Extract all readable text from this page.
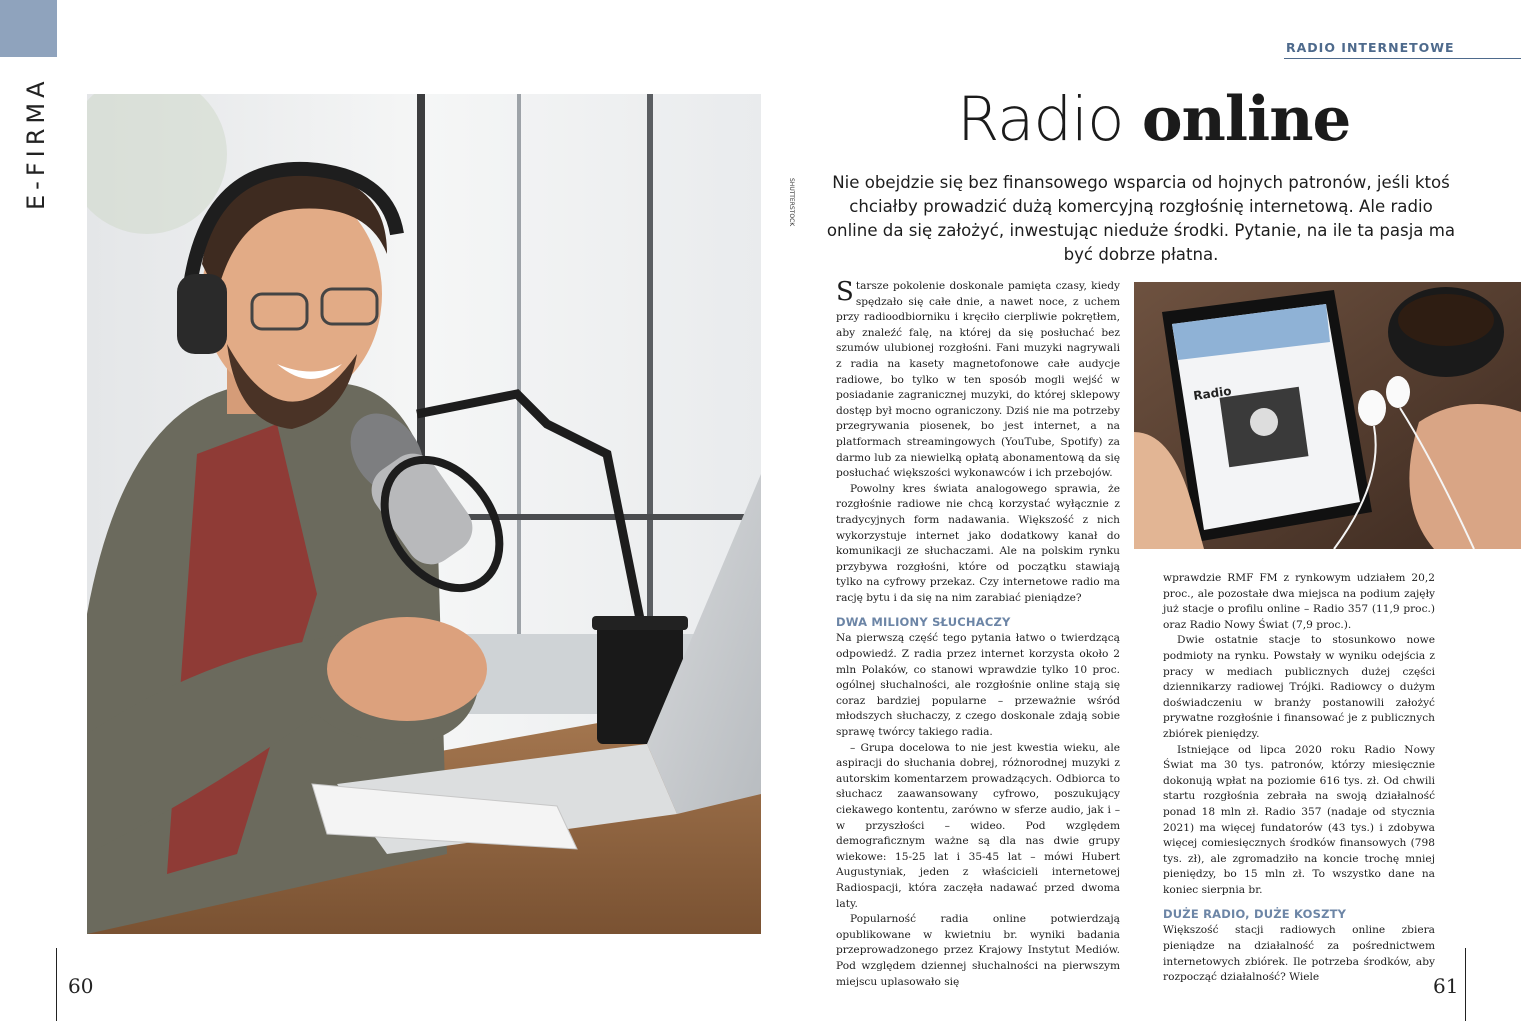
E-FIRMA	SHUTTERSTOCK
60
RADIO INTERNETOWE
Radio online
Nie obejdzie się bez finansowego wsparcia od hojnych patronów, jeśli ktoś chciałby prowadzić dużą komercyjną rozgłośnię internetową. Ale radio online da się założyć, inwestując nieduże środki. Pytanie, na ile ta pasja ma być dobrze płatna.

Starsze pokolenie doskonale pamięta czasy, kiedy spędzało się całe dnie, a nawet noce, z uchem przy radioodbiorniku i kręciło cierpliwie pokrętłem, aby znaleźć falę, na której da się posłuchać bez szumów ulubionej rozgłośni. Fani muzyki nagrywali z radia na kasety magnetofonowe całe audycje radiowe, bo tylko w ten sposób mogli wejść w posiadanie zagranicznej muzyki, do której sklepowy dostęp był mocno ograniczony. Dziś nie ma potrzeby przegrywania piosenek, bo jest internet, a na platformach streamingowych (YouTube, Spotify) za darmo lub za niewielką opłatą abonamentową da się posłuchać większości wykonawców i ich przebojów.

Powolny kres świata analogowego sprawia, że rozgłośnie radiowe nie chcą korzystać wyłącznie z tradycyjnych form nadawania. Większość z nich wykorzystuje internet jako dodatkowy kanał do komunikacji ze słuchaczami. Ale na polskim rynku przybywa rozgłośni, które od początku stawiają tylko na cyfrowy przekaz. Czy internetowe radio ma rację bytu i da się na nim zarabiać pieniądze?

DWA MILIONY SŁUCHACZY

Na pierwszą część tego pytania łatwo o twierdzącą odpowiedź. Z radia przez internet korzysta około 2 mln Polaków, co stanowi wprawdzie tylko 10 proc. ogólnej słuchalności, ale rozgłośnie online stają się coraz bardziej popularne – przeważnie wśród młodszych słuchaczy, z czego doskonale zdają sobie sprawę twórcy takiego radia.

– Grupa docelowa to nie jest kwestia wieku, ale aspiracji do słuchania dobrej, różnorodnej muzyki z autorskim komentarzem prowadzących. Odbiorca to słuchacz zaawansowany cyfrowo, poszukujący ciekawego kontentu, zarówno w sferze audio, jak i – w przyszłości – wideo. Pod względem demograficznym ważne są dla nas dwie grupy wiekowe: 15-25 lat i 35-45 lat – mówi Hubert Augustyniak, jeden z właścicieli internetowej Radiospacji, która zaczęła nadawać przed dwoma laty.

Popularność radia online potwierdzają opublikowane w kwietniu br. wyniki badania przeprowadzonego przez Krajowy Instytut Mediów. Pod względem dziennej słuchalności na pierwszym miejscu uplasowało się

Radio

wprawdzie RMF FM z rynkowym udziałem 20,2 proc., ale pozostałe dwa miejsca na podium zajęły już stacje o profilu online – Radio 357 (11,9 proc.) oraz Radio Nowy Świat (7,9 proc.).

Dwie ostatnie stacje to stosunkowo nowe podmioty na rynku. Powstały w wyniku odejścia z pracy w mediach publicznych dużej części dziennikarzy radiowej Trójki. Radiowcy o dużym doświadczeniu w branży postanowili założyć prywatne rozgłośnie i finansować je z publicznych zbiórek pieniędzy.

Istniejące od lipca 2020 roku Radio Nowy Świat ma 30 tys. patronów, którzy miesięcznie dokonują wpłat na poziomie 616 tys. zł. Od chwili startu rozgłośnia zebrała na swoją działalność ponad 18 mln zł. Radio 357 (nadaje od stycznia 2021) ma więcej fundatorów (43 tys.) i zdobywa więcej comiesięcznych środków finansowych (798 tys. zł), ale zgromadziło na koncie trochę mniej pieniędzy, bo 15 mln zł. To wszystko dane na koniec sierpnia br.

DUŻE RADIO, DUŻE KOSZTY

Większość stacji radiowych online zbiera pieniądze na działalność za pośrednictwem internetowych zbiórek. Ile potrzeba środków, aby rozpocząć działalność? Wiele	61
